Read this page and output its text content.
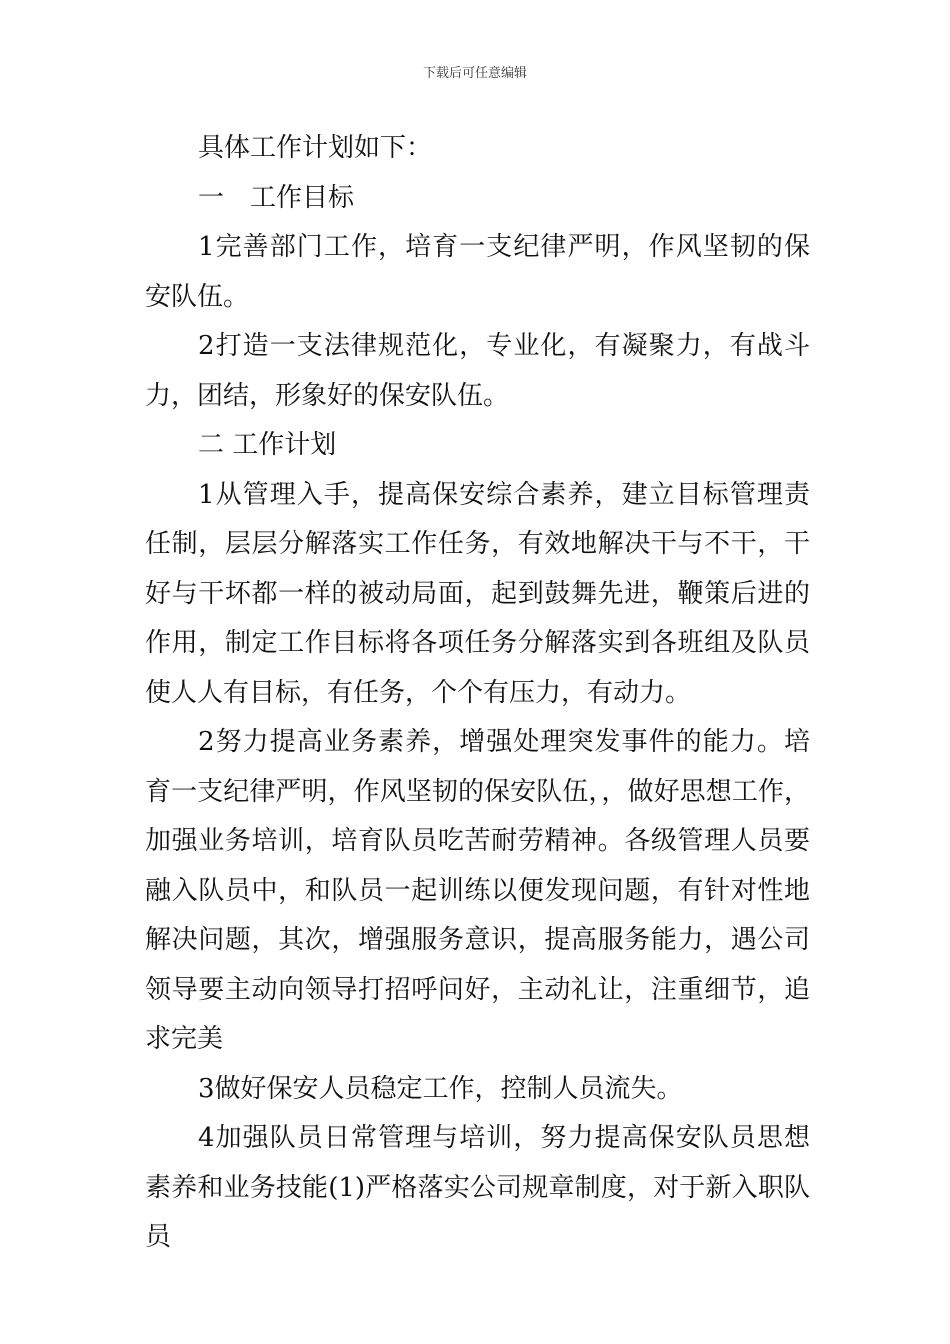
下载后可任意编辑

具体工作计划如下：

一　工作目标

1完善部门工作，培育一支纪律严明，作风坚韧的保安队伍。

2打造一支法律规范化，专业化，有凝聚力，有战斗力，团结，形象好的保安队伍。

二 工作计划

1从管理入手，提高保安综合素养，建立目标管理责任制，层层分解落实工作任务，有效地解决干与不干，干好与干坏都一样的被动局面，起到鼓舞先进，鞭策后进的作用，制定工作目标将各项任务分解落实到各班组及队员使人人有目标，有任务，个个有压力，有动力。

2努力提高业务素养，增强处理突发事件的能力。培育一支纪律严明，作风坚韧的保安队伍，，做好思想工作，加强业务培训，培育队员吃苦耐劳精神。各级管理人员要融入队员中，和队员一起训练以便发现问题，有针对性地解决问题，其次，增强服务意识，提高服务能力，遇公司领导要主动向领导打招呼问好，主动礼让，注重细节，追求完美

3做好保安人员稳定工作，控制人员流失。

4加强队员日常管理与培训，努力提高保安队员思想素养和业务技能(1)严格落实公司规章制度，对于新入职队员
